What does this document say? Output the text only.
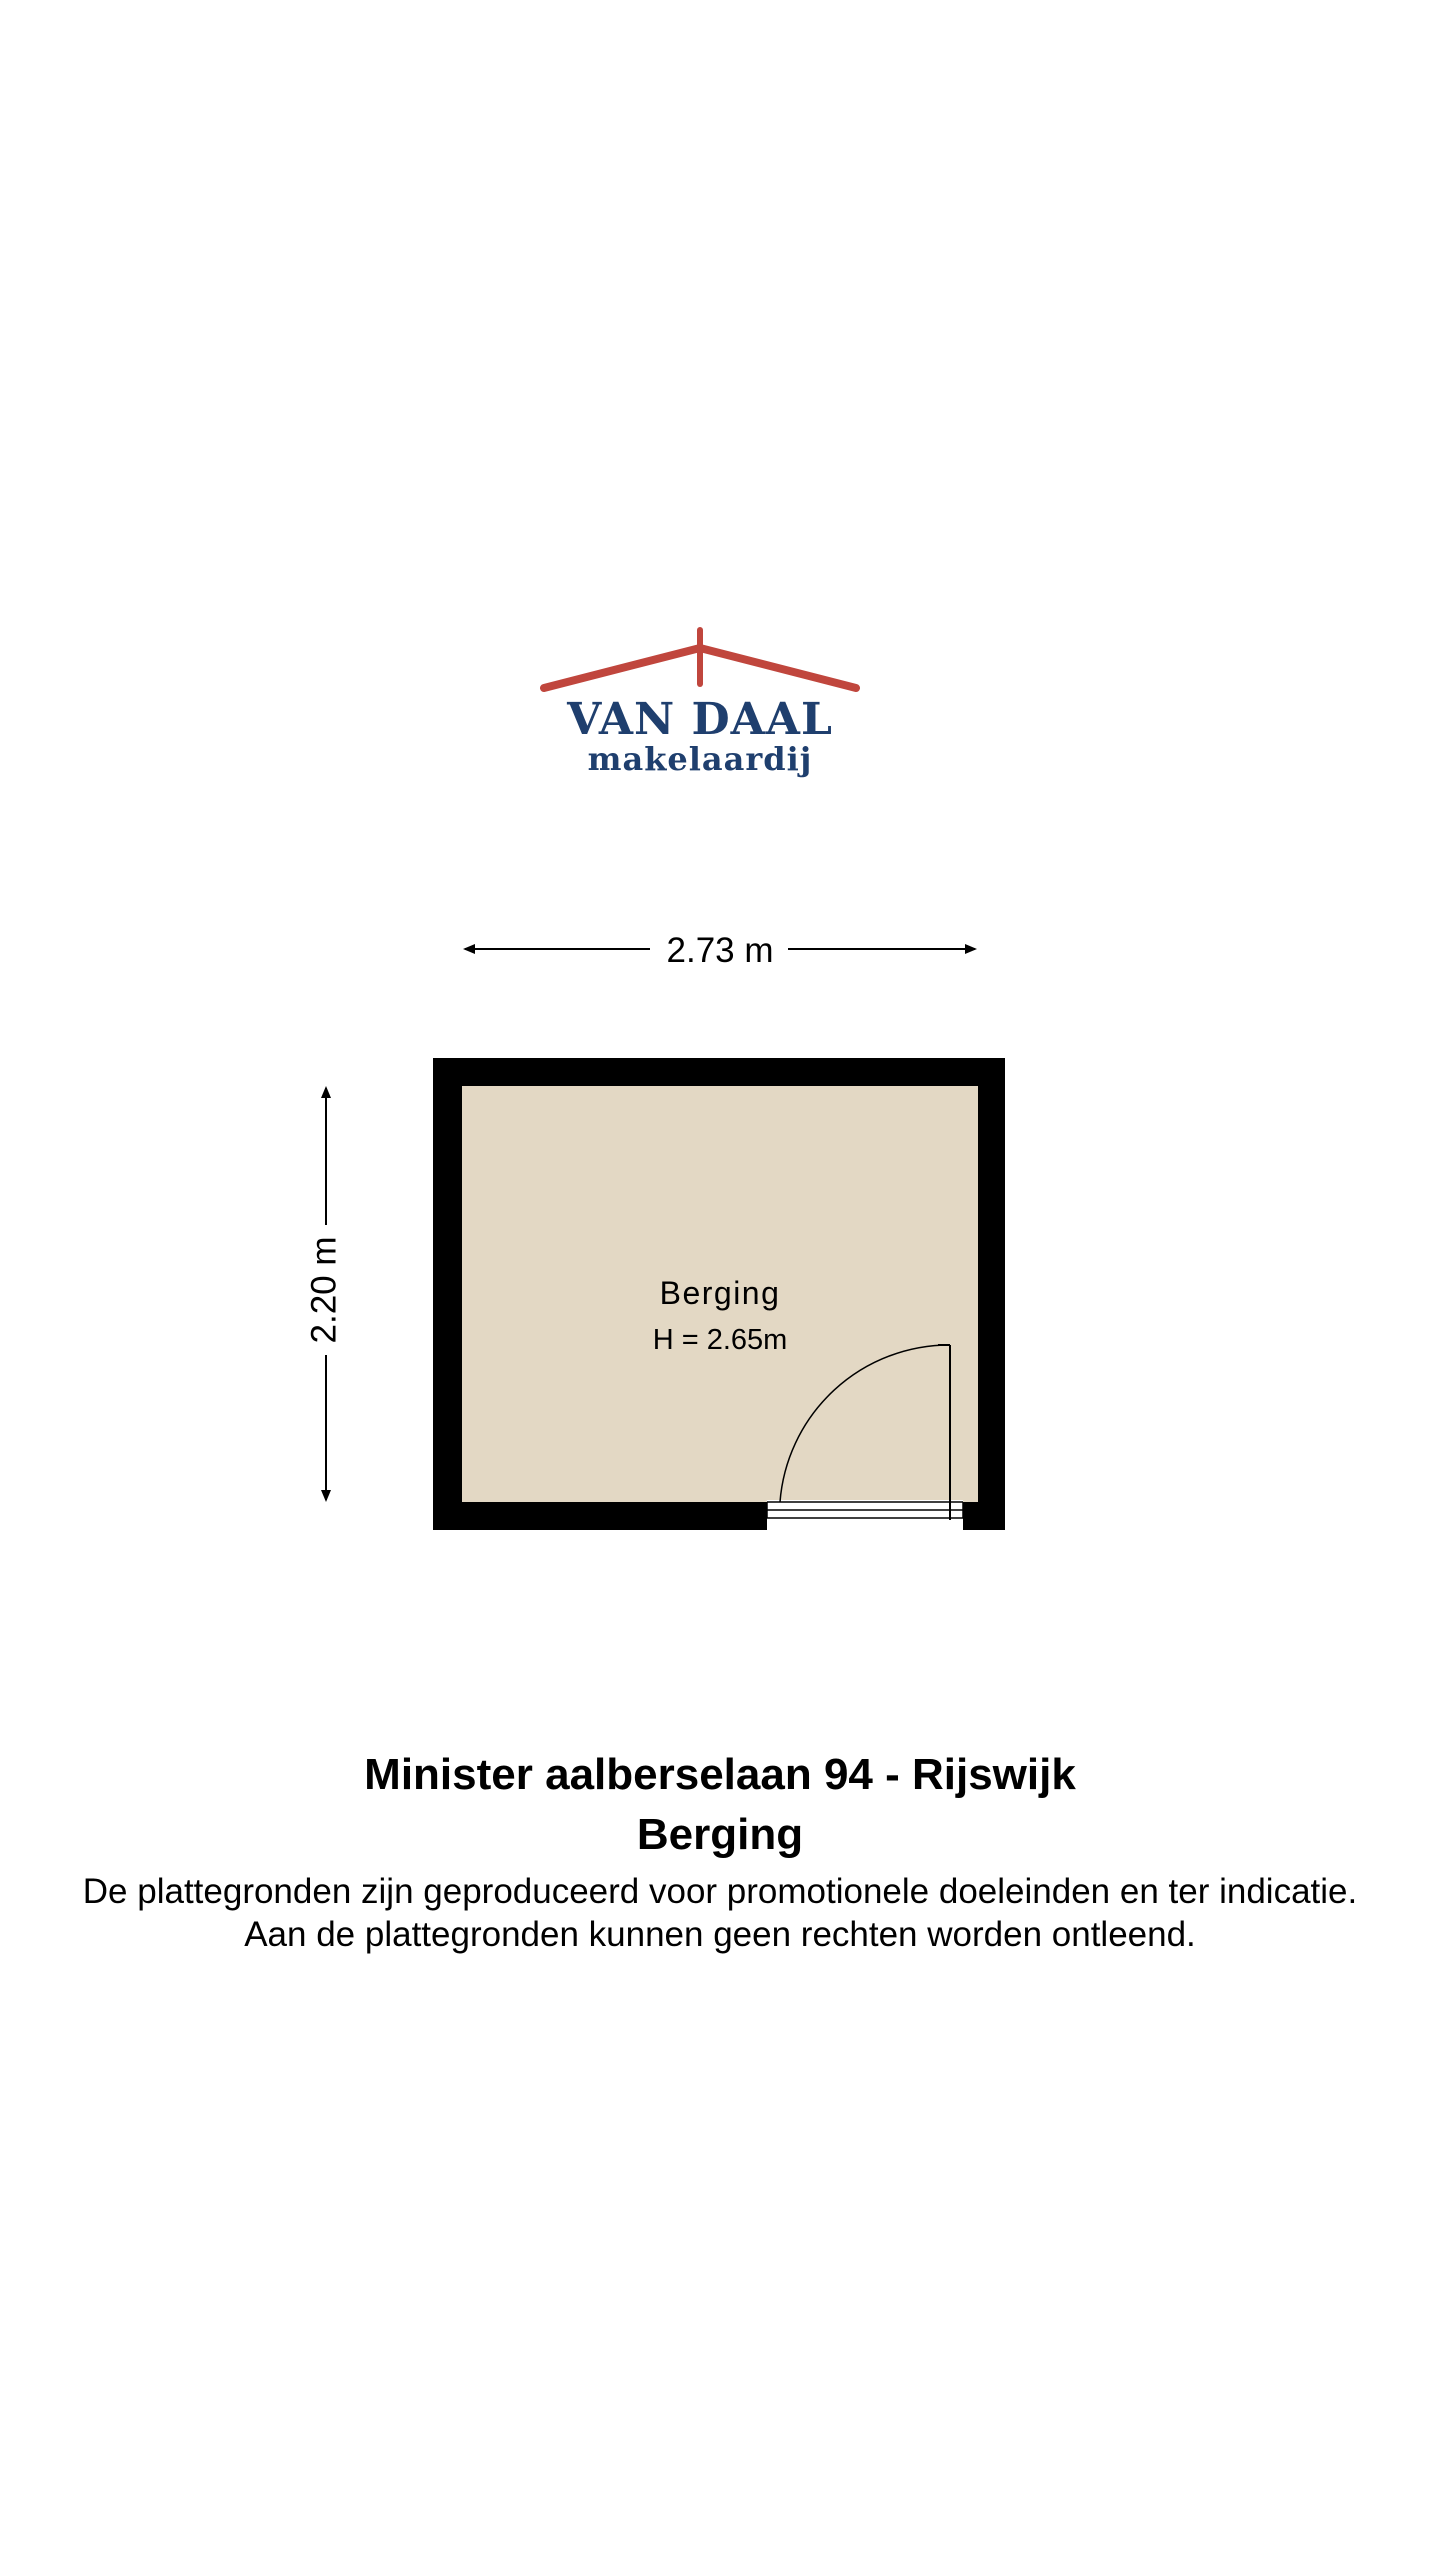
VAN DAAL
makelaardij
2.73 m
2.20 m	Berging
H = 2.65m
Minister aalberselaan 94 - Rijswijk
Berging
De plattegronden zijn geproduceerd voor promotionele doeleinden en ter indicatie.
Aan de plattegronden kunnen geen rechten worden ontleend.
